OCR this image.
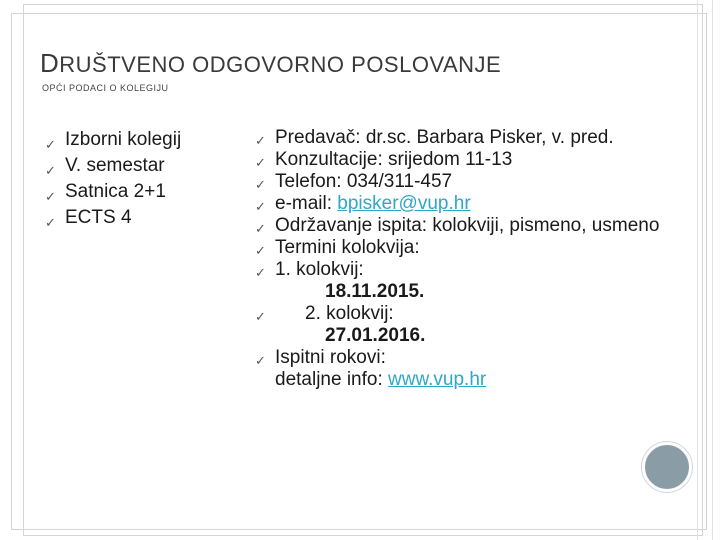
DRUŠTVENO ODGOVORNO POSLOVANJE
OPĆI PODACI O KOLEGIJU
✓ Izborni kolegij
✓ V. semestar
✓ Satnica 2+1
✓ ECTS 4
✓ Predavač: dr.sc. Barbara Pisker, v. pred.
✓ Konzultacije: srijedom 11-13
✓ Telefon: 034/311-457
✓ e-mail: bpisker@vup.hr
✓ Održavanje ispita: kolokviji, pismeno, usmeno
✓ Termini kolokvija:
✓ 1. kolokvij:
18.11.2015.
✓ 2. kolokvij:
27.01.2016.
✓ Ispitni rokovi:
detaljne info: www.vup.hr
